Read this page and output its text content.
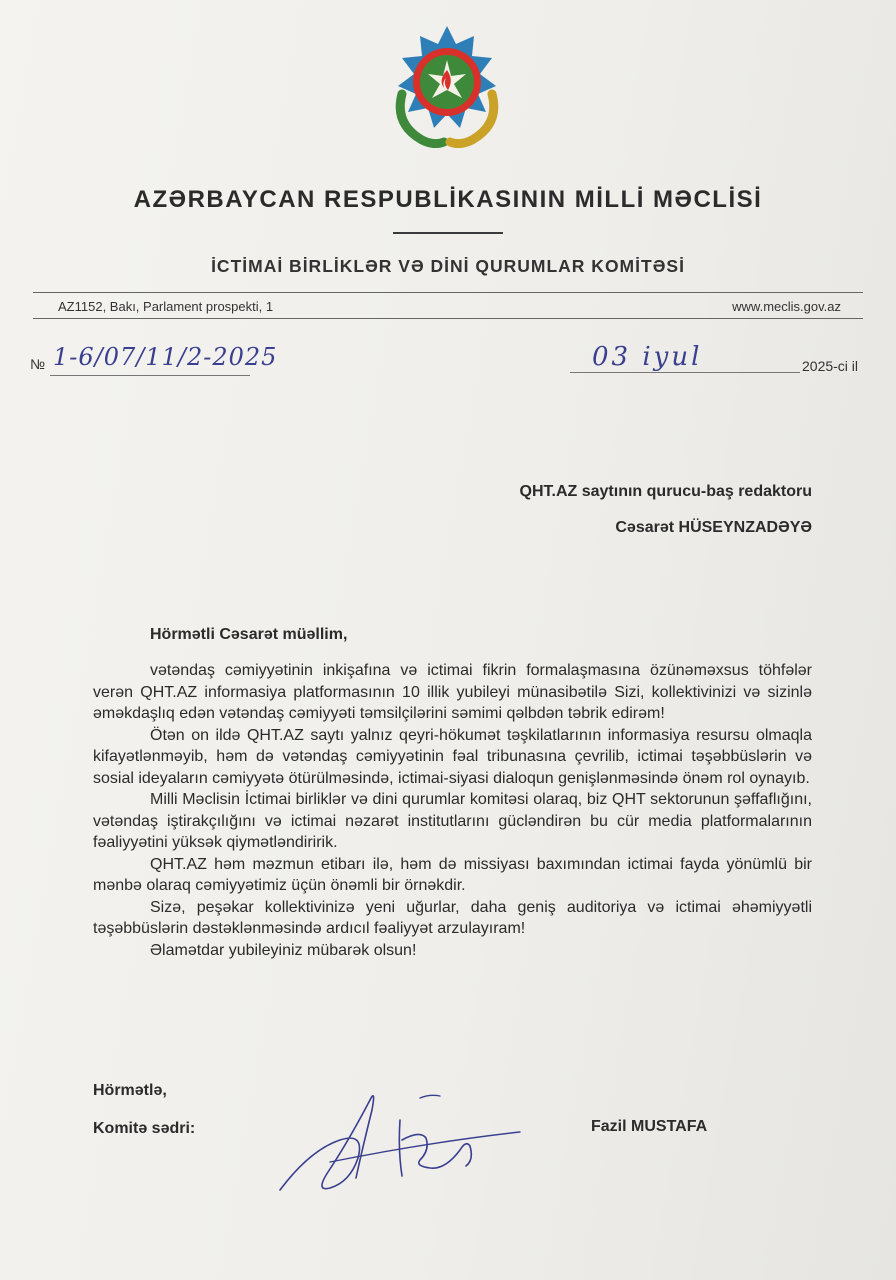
AZƏRBAYCAN RESPUBLİKASININ MİLLİ MƏCLİSİ
İCTİMAİ BİRLİKLƏR VƏ DİNİ QURUMLAR KOMİTƏSİ
AZ1152, Bakı, Parlament prospekti, 1	www.meclis.gov.az
№ 1-6/07/11/2-2025	03 iyul	2025-ci il
QHT.AZ saytının qurucu-baş redaktoru
Cəsarət HÜSEYNZADƏYƏ
Hörmətli Cəsarət müəllim,

vətəndaş cəmiyyətinin inkişafına və ictimai fikrin formalaşmasına özünəməxsus töhfələr verən QHT.AZ informasiya platformasının 10 illik yubileyi münasibətilə Sizi, kollektivinizi və sizinlə əməkdaşlıq edən vətəndaş cəmiyyəti təmsilçilərini səmimi qəlbdən təbrik edirəm!

Ötən on ildə QHT.AZ saytı yalnız qeyri-hökumət təşkilatlarının informasiya resursu olmaqla kifayətlənməyib, həm də vətəndaş cəmiyyətinin fəal tribunasına çevrilib, ictimai təşəbbüslərin və sosial ideyaların cəmiyyətə ötürülməsində, ictimai-siyasi dialoqun genişlənməsində önəm rol oynayıb.

Milli Məclisin İctimai birliklər və dini qurumlar komitəsi olaraq, biz QHT sektorunun şəffaflığını, vətəndaş iştirakçılığını və ictimai nəzarət institutlarını gücləndirən bu cür media platformalarının fəaliyyətini yüksək qiymətləndiririk.

QHT.AZ həm məzmun etibarı ilə, həm də missiyası baxımından ictimai fayda yönümlü bir mənbə olaraq cəmiyyətimiz üçün önəmli bir örnəkdir.

Sizə, peşəkar kollektivinizə yeni uğurlar, daha geniş auditoriya və ictimai əhəmiyyətli təşəbbüslərin dəstəklənməsində ardıcıl fəaliyyət arzulayıram!

Əlamətdar yubileyiniz mübarək olsun!

Hörmətlə,
Komitə sədri:	Fazil MUSTAFA
